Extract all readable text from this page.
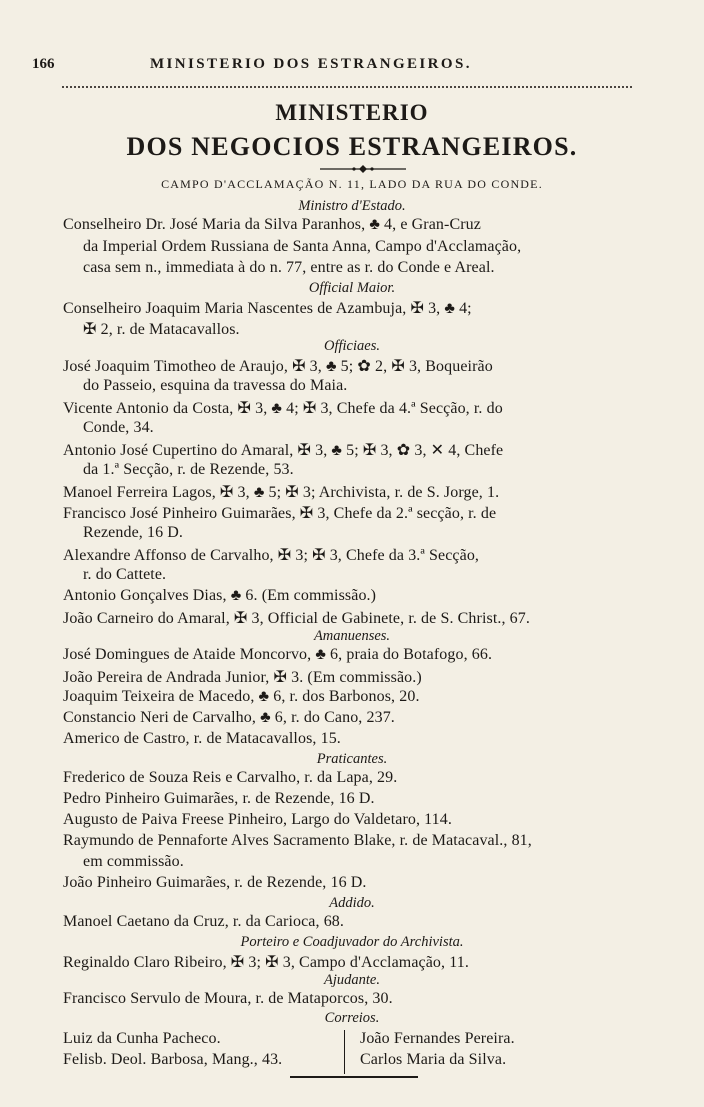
166	MINISTERIO DOS ESTRANGEIROS.
MINISTERIO
DOS NEGOCIOS ESTRANGEIROS.
CAMPO D'ACCLAMAÇÃO N. 11, LADO DA RUA DO CONDE.
Ministro d'Estado.
Conselheiro Dr. José Maria da Silva Paranhos, ♣ 4, e Gran-Cruz
da Imperial Ordem Russiana de Santa Anna, Campo d'Acclamação,
casa sem n., immediata à do n. 77, entre as r. do Conde e Areal.
Official Maior.
Conselheiro Joaquim Maria Nascentes de Azambuja, ✠ 3, ♣ 4;
✠ 2, r. de Matacavallos.
Officiaes.
José Joaquim Timotheo de Araujo, ✠ 3, ♣ 5; ✿ 2, ✠ 3, Boqueirão
do Passeio, esquina da travessa do Maia.
Vicente Antonio da Costa, ✠ 3, ♣ 4; ✠ 3, Chefe da 4.ª Secção, r. do
Conde, 34.
Antonio José Cupertino do Amaral, ✠ 3, ♣ 5; ✠ 3, ✿ 3, ✕ 4, Chefe
da 1.ª Secção, r. de Rezende, 53.
Manoel Ferreira Lagos, ✠ 3, ♣ 5; ✠ 3; Archivista, r. de S. Jorge, 1.
Francisco José Pinheiro Guimarães, ✠ 3, Chefe da 2.ª secção, r. de
Rezende, 16 D.
Alexandre Affonso de Carvalho, ✠ 3; ✠ 3, Chefe da 3.ª Secção,
r. do Cattete.
Antonio Gonçalves Dias, ♣ 6. (Em commissão.)
João Carneiro do Amaral, ✠ 3, Official de Gabinete, r. de S. Christ., 67.
Amanuenses.
José Domingues de Ataide Moncorvo, ♣ 6, praia do Botafogo, 66.
João Pereira de Andrada Junior, ✠ 3. (Em commissão.)
Joaquim Teixeira de Macedo, ♣ 6, r. dos Barbonos, 20.
Constancio Neri de Carvalho, ♣ 6, r. do Cano, 237.
Americo de Castro, r. de Matacavallos, 15.
Praticantes.
Frederico de Souza Reis e Carvalho, r. da Lapa, 29.
Pedro Pinheiro Guimarães, r. de Rezende, 16 D.
Augusto de Paiva Freese Pinheiro, Largo do Valdetaro, 114.
Raymundo de Pennaforte Alves Sacramento Blake, r. de Matacaval., 81,
em commissão.
João Pinheiro Guimarães, r. de Rezende, 16 D.
Addido.
Manoel Caetano da Cruz, r. da Carioca, 68.
Porteiro e Coadjuvador do Archivista.
Reginaldo Claro Ribeiro, ✠ 3; ✠ 3, Campo d'Acclamação, 11.
Ajudante.
Francisco Servulo de Moura, r. de Mataporcos, 30.
Correios.
Luiz da Cunha Pacheco.	João Fernandes Pereira.
Felisb. Deol. Barbosa, Mang., 43.	Carlos Maria da Silva.
